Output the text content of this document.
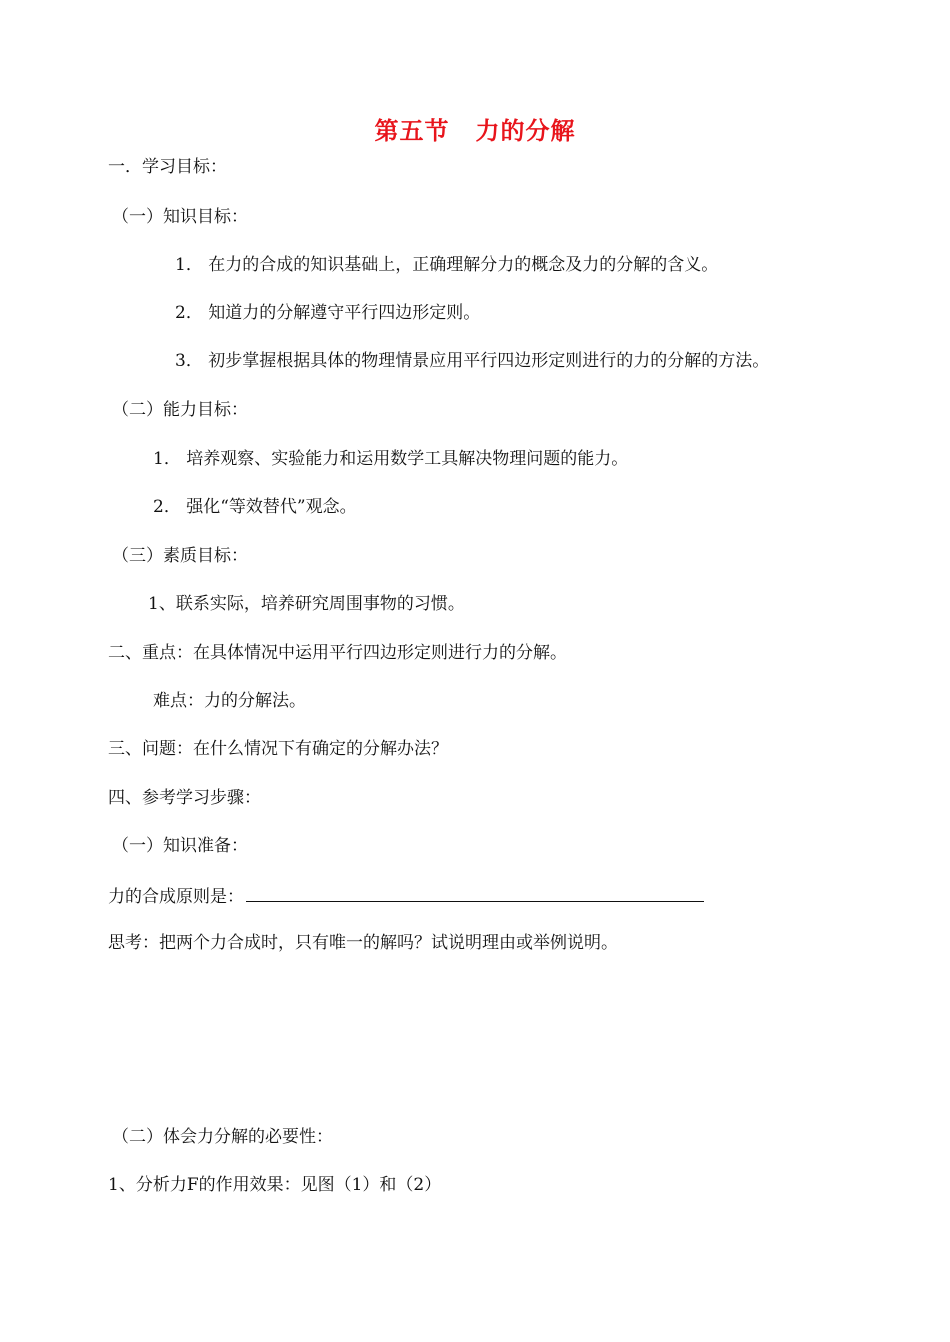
第五节 力的分解
一．学习目标：
（一）知识目标：
1． 在力的合成的知识基础上，正确理解分力的概念及力的分解的含义。
2． 知道力的分解遵守平行四边形定则。
3． 初步掌握根据具体的物理情景应用平行四边形定则进行的力的分解的方法。
（二）能力目标：
1． 培养观察、实验能力和运用数学工具解决物理问题的能力。
2． 强化“等效替代”观念。
（三）素质目标：
1、联系实际，培养研究周围事物的习惯。
二、重点：在具体情况中运用平行四边形定则进行力的分解。
难点：力的分解法。
三、问题：在什么情况下有确定的分解办法？
四、参考学习步骤：
（一）知识准备：
力的合成原则是：
思考：把两个力合成时，只有唯一的解吗？试说明理由或举例说明。
（二）体会力分解的必要性：
1、分析力F的作用效果：见图（1）和（2）
